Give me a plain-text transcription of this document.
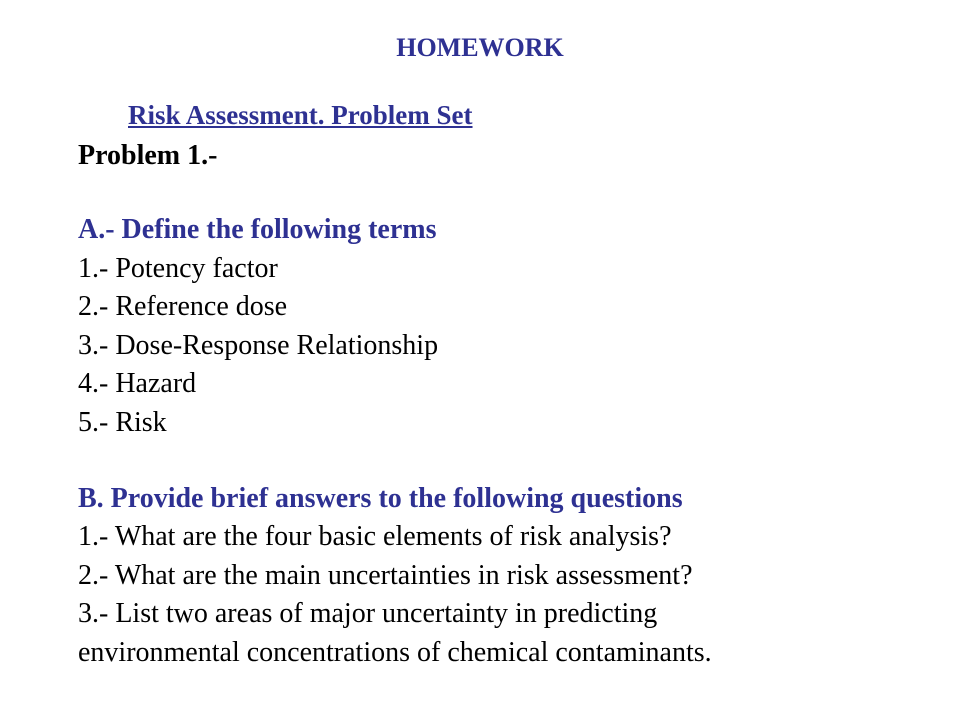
HOMEWORK
Risk Assessment. Problem Set
Problem 1.-
A.- Define the following terms
1.- Potency factor
2.- Reference dose
3.- Dose-Response Relationship
4.- Hazard
5.- Risk
B. Provide brief answers to the following questions
1.- What are the four basic elements of risk analysis?
2.- What are the main uncertainties in risk assessment?
3.- List two areas of major uncertainty in predicting
environmental concentrations of chemical contaminants.
